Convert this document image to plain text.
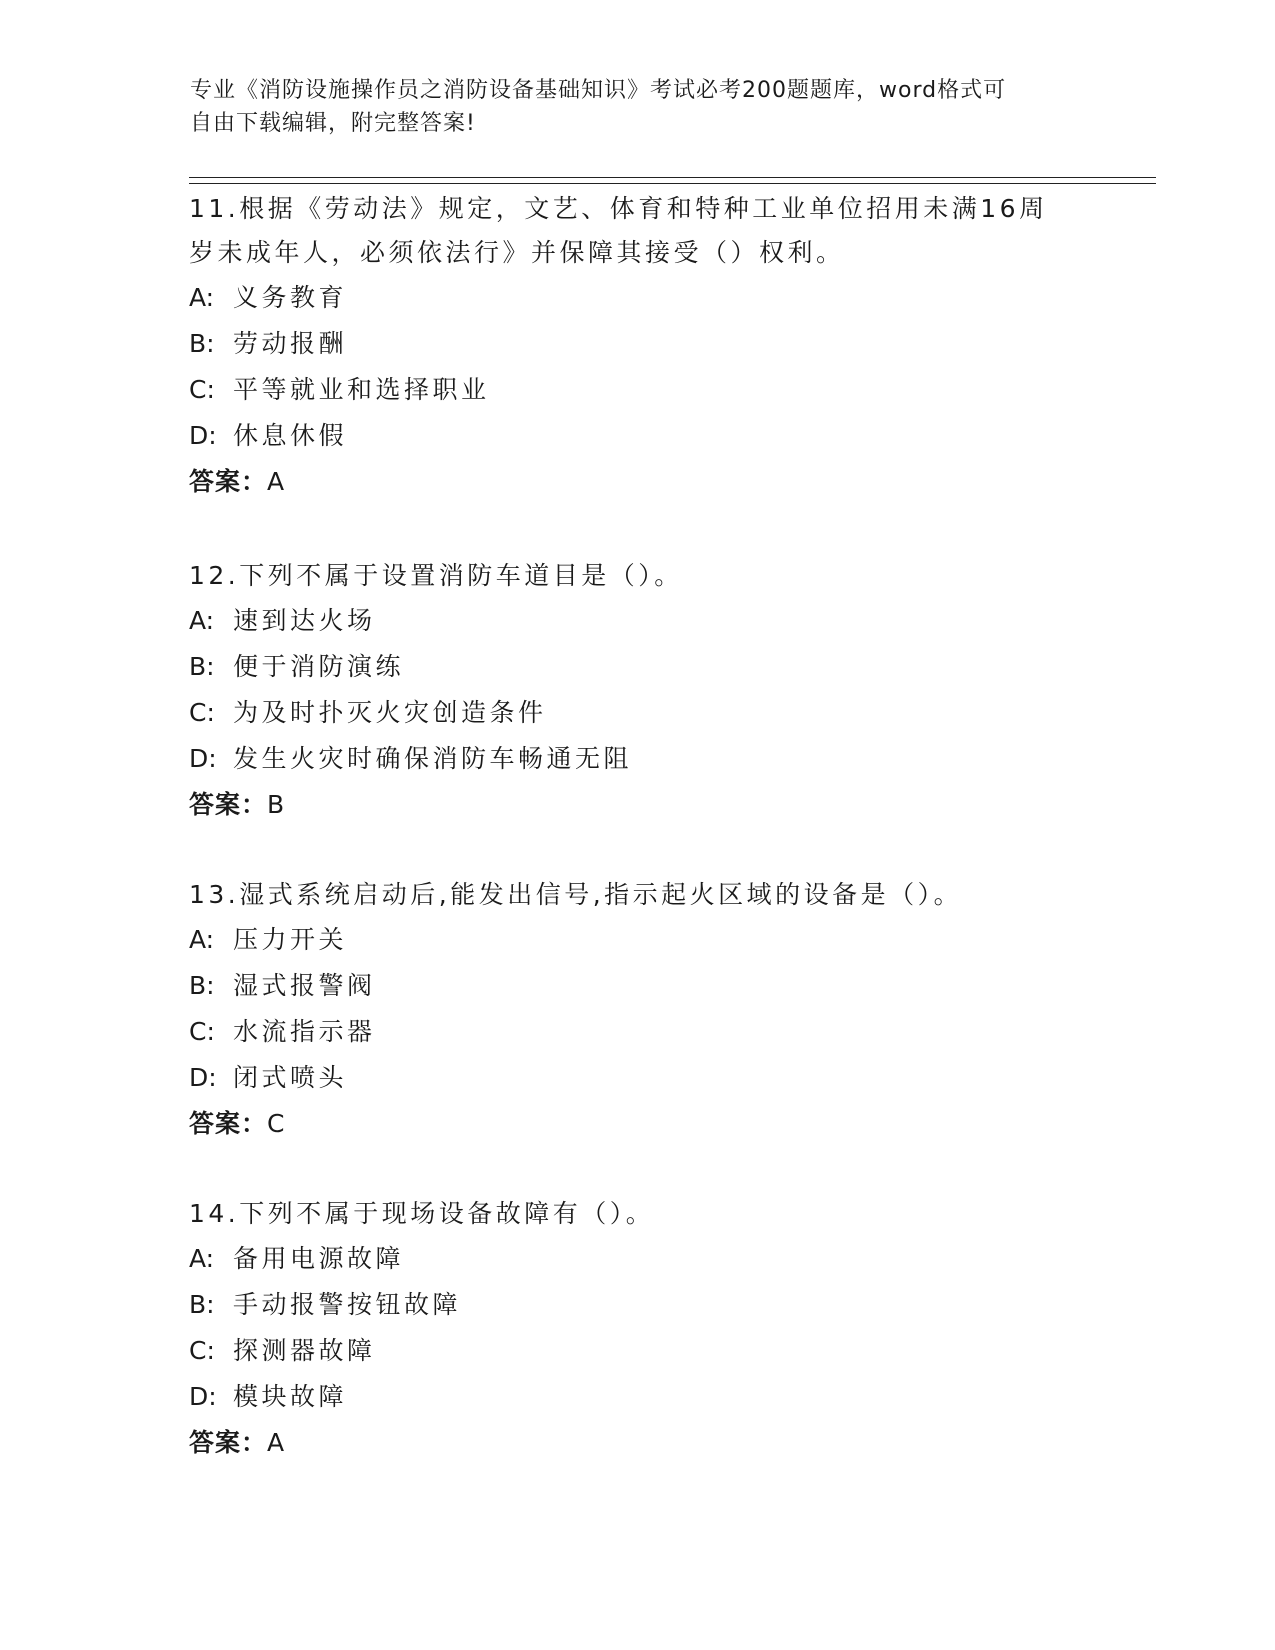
专业《消防设施操作员之消防设备基础知识》考试必考200题题库，word格式可
自由下载编辑，附完整答案!
11.根据《劳动法》规定，文艺、体育和特种工业单位招用未满16周
岁未成年人，必须依法行》并保障其接受（）权利。
A: 义务教育
B: 劳动报酬
C: 平等就业和选择职业
D: 休息休假
答案：A
12.下列不属于设置消防车道目是（）。
A: 速到达火场
B: 便于消防演练
C: 为及时扑灭火灾创造条件
D: 发生火灾时确保消防车畅通无阻
答案：B
13.湿式系统启动后,能发出信号,指示起火区域的设备是（）。
A: 压力开关
B: 湿式报警阀
C: 水流指示器
D: 闭式喷头
答案：C
14.下列不属于现场设备故障有（）。
A: 备用电源故障
B: 手动报警按钮故障
C: 探测器故障
D: 模块故障
答案：A
